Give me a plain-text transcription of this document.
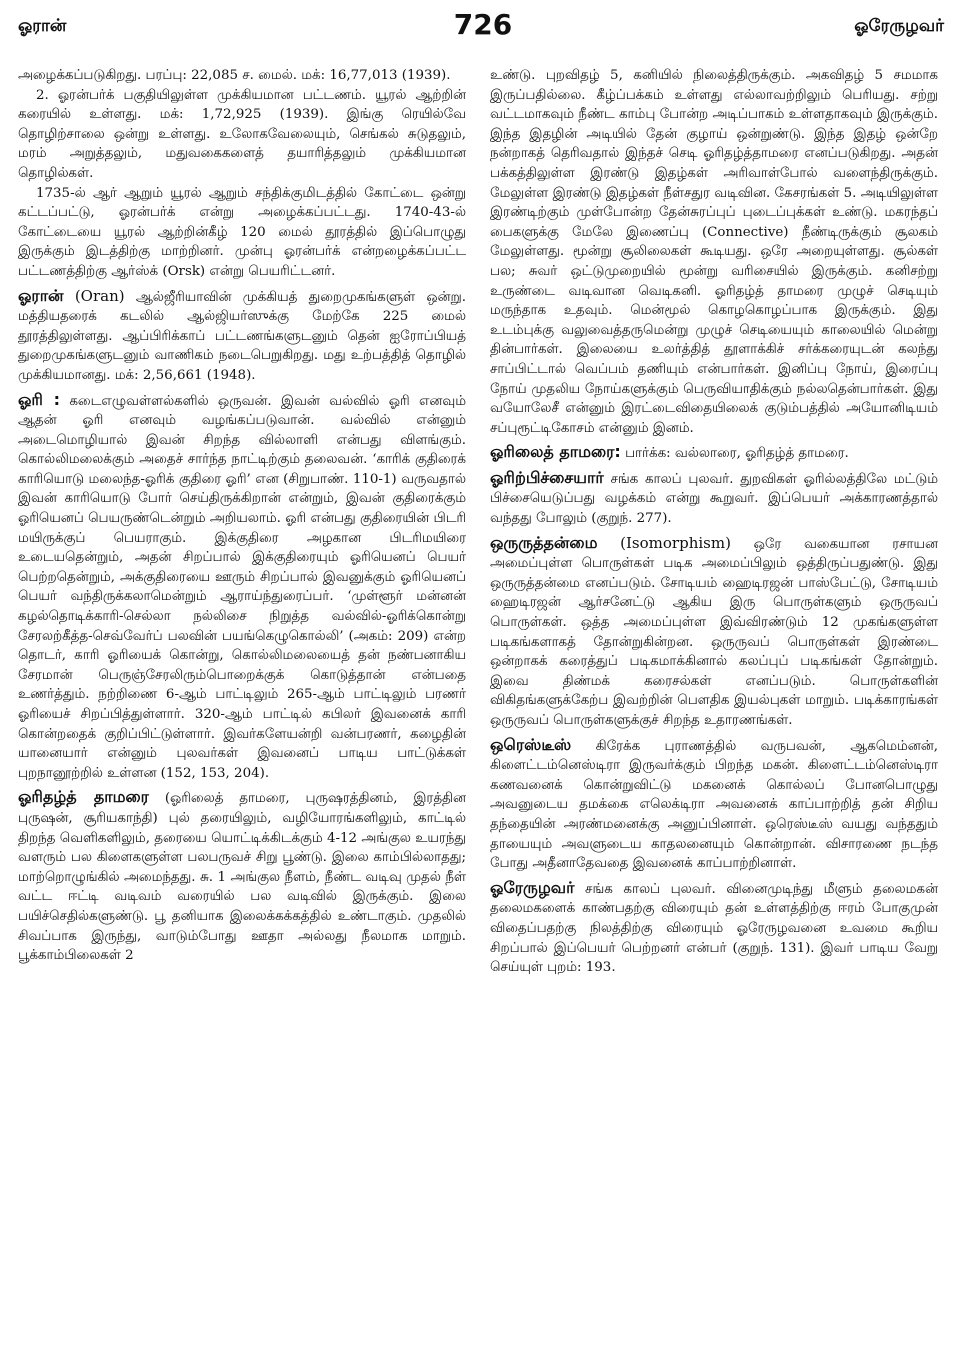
ஓரான்	726	ஓரேருழவர்

அழைக்கப்படுகிறது. பரப்பு: 22,085 ச. மைல். மக்: 16,77,013 (1939).

2. ஓரன்பர்க் பகுதியிலுள்ள முக்கியமான பட்டணம். யூரல் ஆற்றின் கரையில் உள்ளது. மக்: 1,72,925 (1939). இங்கு ரெயில்வே தொழிற்சாலை ஒன்று உள்ளது. உலோகவேலையும், செங்கல் சுடுதலும், மரம் அறுத்தலும், மதுவகைகளைத் தயாரித்தலும் முக்கியமான தொழில்கள்.

1735-ல் ஆர் ஆறும் யூரல் ஆறும் சந்திக்குமிடத்தில் கோட்டை ஒன்று கட்டப்பட்டு, ஓரன்பர்க் என்று அழைக்கப்பட்டது. 1740-43-ல் கோட்டையை யூரல் ஆற்றின்கீழ் 120 மைல் தூரத்தில் இப்பொழுது இருக்கும் இடத்திற்கு மாற்றினர். முன்பு ஓரன்பர்க் என்றழைக்கப்பட்ட பட்டணத்திற்கு ஆர்ஸ்க் (Orsk) என்று பெயரிட்டனர்.

ஓரான் (Oran) ஆல்ஜீரியாவின் முக்கியத் துறைமுகங்களுள் ஒன்று. மத்தியதரைக் கடலில் ஆல்ஜியர்ஸுக்கு மேற்கே 225 மைல் தூரத்திலுள்ளது. ஆப்பிரிக்காப் பட்டணங்களுடனும் தென் ஐரோப்பியத் துறைமுகங்களுடனும் வாணிகம் நடைபெறுகிறது. மது உற்பத்தித் தொழில் முக்கியமானது. மக்: 2,56,661 (1948).

ஓரி : கடைஎழுவள்ளல்களில் ஒருவன். இவன் வல்வில் ஓரி எனவும் ஆதன் ஓரி எனவும் வழங்கப்படுவான். வல்வில் என்னும் அடைமொழியால் இவன் சிறந்த வில்லாளி என்பது விளங்கும். கொல்லிமலைக்கும் அதைச் சார்ந்த நாட்டிற்கும் தலைவன். ‘காரிக் குதிரைக் காரியொடு மலைந்த-ஓரிக் குதிரை ஓரி’ என (சிறுபாண். 110-1) வருவதால் இவன் காரியொடு போர் செய்திருக்கிறான் என்றும், இவன் குதிரைக்கும் ஓரியெனப் பெயருண்டென்றும் அறியலாம். ஓரி என்பது குதிரையின் பிடரி மயிருக்குப் பெயராகும். இக்குதிரை அழகான பிடரிமயிரை உடையதென்றும், அதன் சிறப்பால் இக்குதிரையும் ஓரியெனப் பெயர் பெற்றதென்றும், அக்குதிரையை ஊரும் சிறப்பால் இவனுக்கும் ஓரியெனப் பெயர் வந்திருக்கலாமென்றும் ஆராய்ந்துரைப்பர். ‘முள்ளூர் மன்னன் கழல்தொடிக்காரி-செல்லா நல்லிசை நிறுத்த வல்வில்-ஓரிக்கொன்று சேரலற்கீத்த-செவ்வேர்ப் பலவின் பயங்கெழுகொல்லி’ (அகம்: 209) என்ற தொடர், காரி ஓரியைக் கொன்று, கொல்லிமலையைத் தன் நண்பனாகிய சேரமான் பெருஞ்சேரலிரும்பொறைக்குக் கொடுத்தான் என்பதை உணர்த்தும். நற்றிணை 6-ஆம் பாட்டிலும் 265-ஆம் பாட்டிலும் பரணர் ஓரியைச் சிறப்பித்துள்ளார். 320-ஆம் பாட்டில் கபிலர் இவனைக் காரி கொன்றதைக் குறிப்பிட்டுள்ளார். இவர்களேயன்றி வன்பரணர், கழைதின் யானையார் என்னும் புலவர்கள் இவனைப் பாடிய பாட்டுக்கள் புறநானூற்றில் உள்ளன (152, 153, 204).

ஓரிதழ்த் தாமரை (ஓரிலைத் தாமரை, புருஷரத்தினம், இரத்தின புருஷன், சூரியகாந்தி) புல் தரையிலும், வழியோரங்களிலும், காட்டில் திறந்த வெளிகளிலும், தரையை யொட்டிக்கிடக்கும் 4-12 அங்குல உயரந்து வளரும் பல கிளைகளுள்ள பலபருவச் சிறு பூண்டு. இலை காம்பில்லாதது; மாற்றொழுங்கில் அமைந்தது. சு. 1 அங்குல நீளம், நீண்ட வடிவு முதல் நீள் வட்ட ஈட்டி வடிவம் வரையில் பல வடிவில் இருக்கும். இலை பயிச்செதில்களுண்டு. பூ தனியாக இலைக்கக்கத்தில் உண்டாகும். முதலில் சிவப்பாக இருந்து, வாடும்போது ஊதா அல்லது நீலமாக மாறும். பூக்காம்பிலைகள் 2

உண்டு. புறவிதழ் 5, கனியில் நிலைத்திருக்கும். அகவிதழ் 5 சமமாக இருப்பதில்லை. கீழ்ப்பக்கம் உள்ளது எல்லாவற்றிலும் பெரியது. சற்று வட்டமாகவும் நீண்ட காம்பு போன்ற அடிப்பாகம் உள்ளதாகவும் இருக்கும். இந்த இதழின் அடியில் தேன் குழாய் ஒன்றுண்டு. இந்த இதழ் ஒன்றே நன்றாகத் தெரிவதால் இந்தச் செடி ஓரிதழ்த்தாமரை எனப்படுகிறது. அதன் பக்கத்திலுள்ள இரண்டு இதழ்கள் அரிவாள்போல் வளைந்திருக்கும். மேலுள்ள இரண்டு இதழ்கள் நீள்சதுர வடிவின. கேசரங்கள் 5. அடியிலுள்ள இரண்டிற்கும் முள்போன்ற தேன்சுரப்புப் புடைப்புக்கள் உண்டு. மகரந்தப் பைகளுக்கு மேலே இணைப்பு (Connective) நீண்டிருக்கும் சூலகம் மேலுள்ளது. மூன்று சூலிலைகள் கூடியது. ஒரே அறையுள்ளது. சூல்கள் பல; சுவர் ஒட்டுமுறையில் மூன்று வரிசையில் இருக்கும். கனிசற்று உருண்டை வடிவான வெடிகனி. ஓரிதழ்த் தாமரை முழுச் செடியும் மருந்தாக உதவும். மென்மூல் கொழகொழப்பாக இருக்கும். இது உடம்புக்கு வலுவைத்தருமென்று முழுச் செடியையும் காலையில் மென்று தின்பார்கள். இலையை உலர்த்தித் தூளாக்கிச் சர்க்கரையுடன் கலந்து சாப்பிட்டால் வெப்பம் தணியும் என்பார்கள். இனிப்பு நோய், இரைப்பு நோய் முதலிய நோய்களுக்கும் பெருவியாதிக்கும் நல்லதென்பார்கள். இது வயோலேசீ என்னும் இரட்டைவிதையிலைக் குடும்பத்தில் அயோனிடியம் சப்புரூட்டிகோசம் என்னும் இனம்.

ஓரிலைத் தாமரை: பார்க்க: வல்லாரை, ஓரிதழ்த் தாமரை.

ஓரிற்பிச்சையார் சங்க காலப் புலவர். துறவிகள் ஓரில்லத்திலே மட்டும் பிச்சையெடுப்பது வழக்கம் என்று கூறுவர். இப்பெயர் அக்காரணத்தால் வந்தது போலும் (குறுந். 277).

ஒருருத்தன்மை (Isomorphism) ஒரே வகையான ரசாயன அமைப்புள்ள பொருள்கள் படிக அமைப்பிலும் ஒத்திருப்பதுண்டு. இது ஒருருத்தன்மை எனப்படும். சோடியம் ஹைடிரஜன் பாஸ்பேட்டு, சோடியம் ஹைடிரஜன் ஆர்சனேட்டு ஆகிய இரு பொருள்களும் ஒருருவப் பொருள்கள். ஒத்த அமைப்புள்ள இவ்விரண்டும் 12 முகங்களுள்ள படிகங்களாகத் தோன்றுகின்றன. ஒருருவப் பொருள்கள் இரண்டை ஒன்றாகக் கரைத்துப் படிகமாக்கினால் கலப்புப் படிகங்கள் தோன்றும். இவை திண்மக் கரைசல்கள் எனப்படும். பொருள்களின் விகிதங்களுக்கேற்ப இவற்றின் பௌதிக இயல்புகள் மாறும். படிக்காரங்கள் ஒருருவப் பொருள்களுக்குச் சிறந்த உதாரணங்கள்.

ஒரெஸ்டீஸ் கிரேக்க புராணத்தில் வருபவன், ஆகமெம்னன், கிளைட்டம்னெஸ்டிரா இருவர்க்கும் பிறந்த மகன். கிளைட்டம்னெஸ்டிரா கணவனைக் கொன்றுவிட்டு மகனைக் கொல்லப் போனபொழுது அவனுடைய தமக்கை எலெக்டிரா அவனைக் காப்பாற்றித் தன் சிறிய தந்தையின் அரண்மனைக்கு அனுப்பினாள். ஒரெஸ்டீஸ் வயது வந்ததும் தாயையும் அவளுடைய காதலனையும் கொன்றான். விசாரணை நடந்த போது அதீனாதேவதை இவனைக் காப்பாற்றினாள்.

ஓரேருழவர் சங்க காலப் புலவர். வினைமுடிந்து மீளும் தலைமகன் தலைமகளைக் காண்பதற்கு விரையும் தன் உள்ளத்திற்கு ஈரம் போகுமுன் விதைப்பதற்கு நிலத்திற்கு விரையும் ஓரேருழவனை உவமை கூறிய சிறப்பால் இப்பெயர் பெற்றனர் என்பர் (குறுந். 131). இவர் பாடிய வேறு செய்யுள் புறம்: 193.
